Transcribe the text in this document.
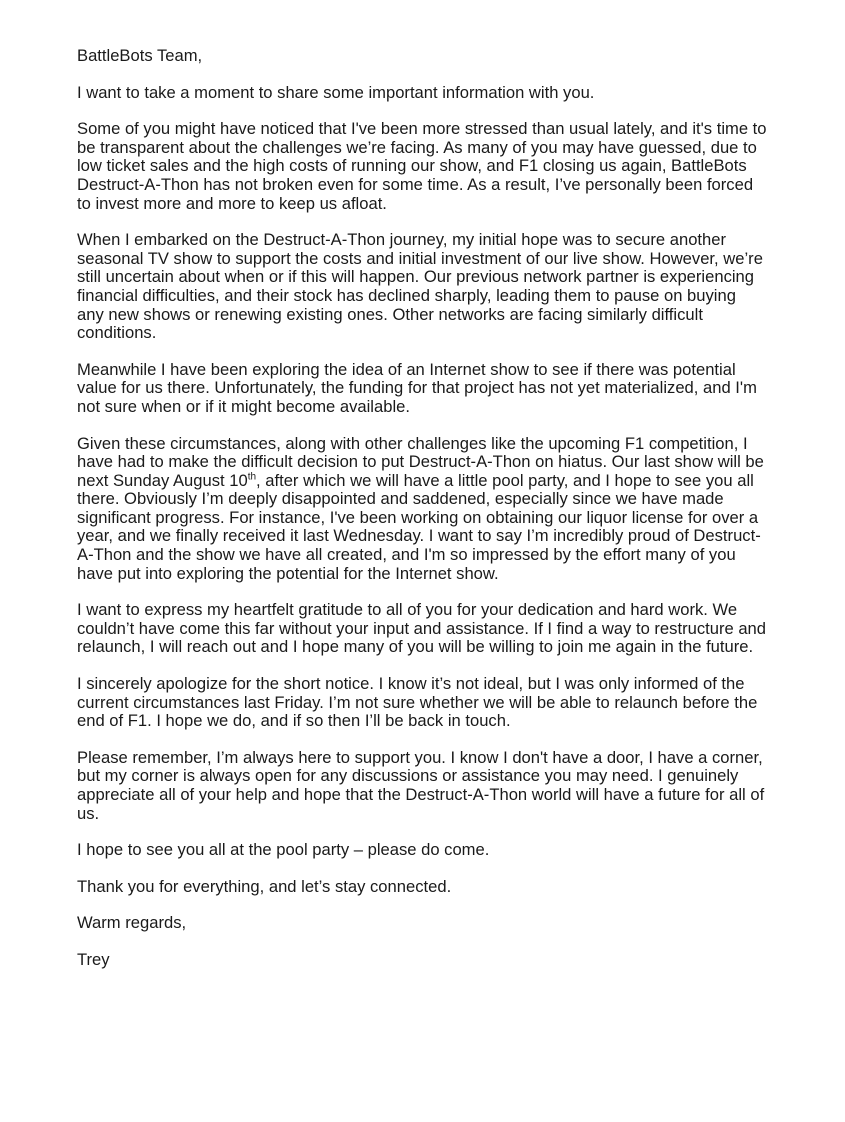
BattleBots Team,

I want to take a moment to share some important information with you.

Some of you might have noticed that I've been more stressed than usual lately, and it's time to be transparent about the challenges we’re facing. As many of you may have guessed, due to low ticket sales and the high costs of running our show, and F1 closing us again, BattleBots Destruct-A-Thon has not broken even for some time. As a result, I’ve personally been forced to invest more and more to keep us afloat.

When I embarked on the Destruct-A-Thon journey, my initial hope was to secure another seasonal TV show to support the costs and initial investment of our live show. However, we’re still uncertain about when or if this will happen. Our previous network partner is experiencing financial difficulties, and their stock has declined sharply, leading them to pause on buying any new shows or renewing existing ones. Other networks are facing similarly difficult conditions.

Meanwhile I have been exploring the idea of an Internet show to see if there was potential value for us there. Unfortunately, the funding for that project has not yet materialized, and I'm not sure when or if it might become available.

Given these circumstances, along with other challenges like the upcoming F1 competition, I have had to make the difficult decision to put Destruct-A-Thon on hiatus. Our last show will be next Sunday August 10th, after which we will have a little pool party, and I hope to see you all there. Obviously I’m deeply disappointed and saddened, especially since we have made significant progress. For instance, I've been working on obtaining our liquor license for over a year, and we finally received it last Wednesday. I want to say I’m incredibly proud of Destruct-A-Thon and the show we have all created, and I'm so impressed by the effort many of you have put into exploring the potential for the Internet show.

I want to express my heartfelt gratitude to all of you for your dedication and hard work. We couldn’t have come this far without your input and assistance. If I find a way to restructure and relaunch, I will reach out and I hope many of you will be willing to join me again in the future.

I sincerely apologize for the short notice. I know it’s not ideal, but I was only informed of the current circumstances last Friday. I’m not sure whether we will be able to relaunch before the end of F1. I hope we do, and if so then I’ll be back in touch.

Please remember, I’m always here to support you. I know I don't have a door, I have a corner, but my corner is always open for any discussions or assistance you may need. I genuinely appreciate all of your help and hope that the Destruct-A-Thon world will have a future for all of us.

I hope to see you all at the pool party – please do come.

Thank you for everything, and let’s stay connected.

Warm regards,

Trey
